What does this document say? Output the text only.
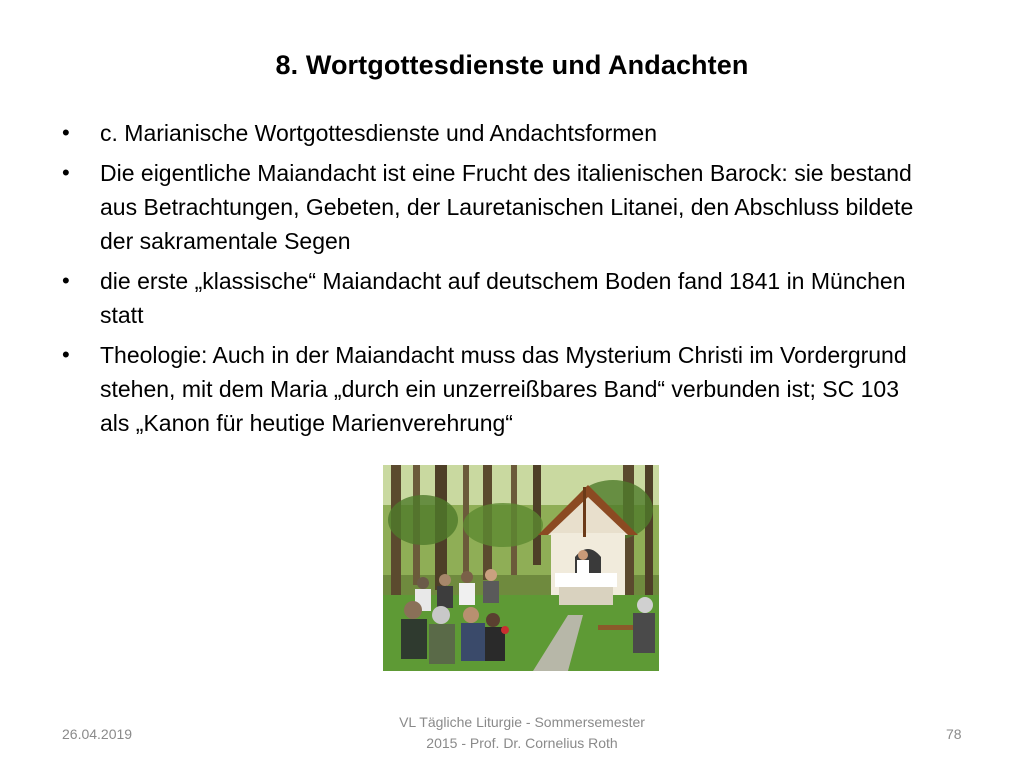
8. Wortgottesdienste und Andachten
• c. Marianische Wortgottesdienste und Andachtsformen
• Die eigentliche Maiandacht ist eine Frucht des italienischen Barock: sie bestand aus Betrachtungen, Gebeten, der Lauretanischen Litanei, den Abschluss bildete der sakramentale Segen
• die erste „klassische“ Maiandacht auf deutschem Boden fand 1841 in München statt
• Theologie: Auch in der Maiandacht muss das Mysterium Christi im Vordergrund stehen, mit dem Maria „durch ein unzerreißbares Band“ verbunden ist; SC 103 als „Kanon für heutige Marienverehrung“
26.04.2019
VL Tägliche Liturgie - Sommersemester
2015 - Prof. Dr. Cornelius Roth
78
